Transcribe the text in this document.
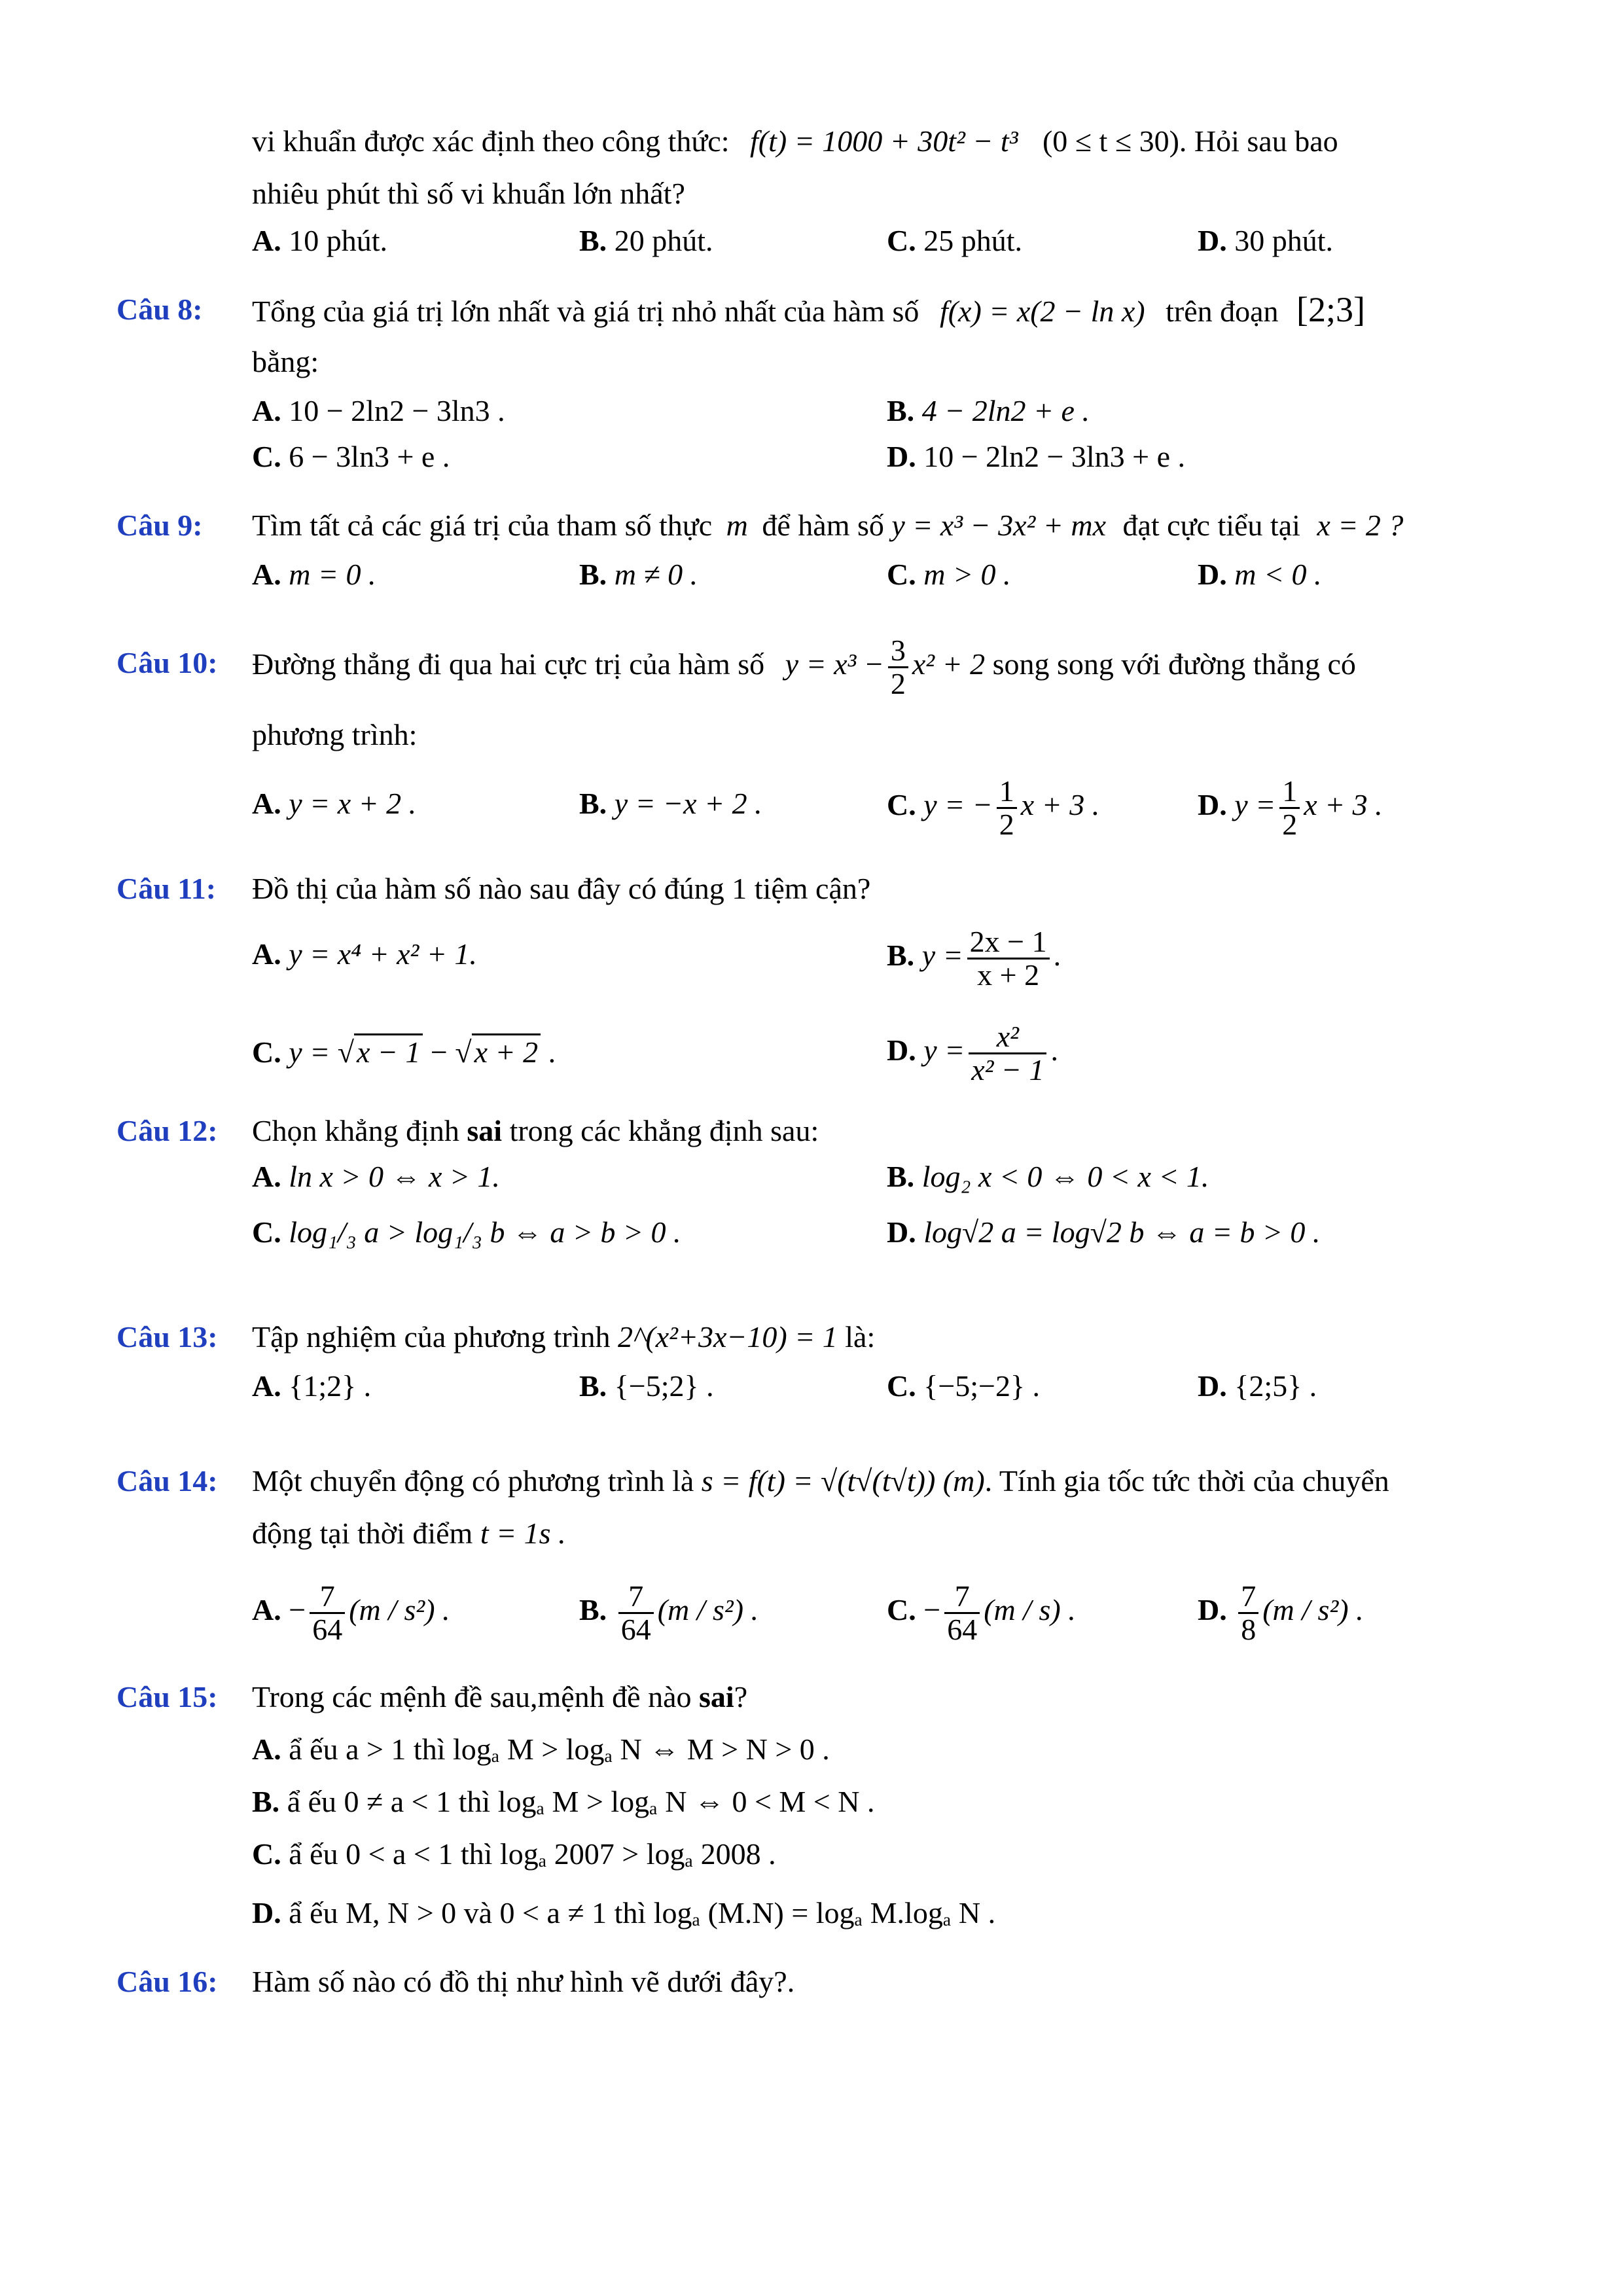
vi khuẩn được xác định theo công thức: f(t) = 1000 + 30t² − t³ (0 ≤ t ≤ 30). Hỏi sau bao
nhiêu phút thì số vi khuẩn lớn nhất?
A. 10 phút.	B. 20 phút.	C. 25 phút.	D. 30 phút.
Câu 8: Tổng của giá trị lớn nhất và giá trị nhỏ nhất của hàm số f(x) = x(2 − ln x) trên đoạn [2;3]
bằng:
A. 10 − 2ln2 − 3ln3 .	B. 4 − 2ln2 + e .
C. 6 − 3ln3 + e .	D. 10 − 2ln2 − 3ln3 + e .
Câu 9: Tìm tất cả các giá trị của tham số thực m để hàm số y = x³ − 3x² + mx đạt cực tiểu tại x = 2 ?
A. m = 0 .	B. m ≠ 0 .	C. m > 0 .	D. m < 0 .
Câu 10: Đường thẳng đi qua hai cực trị của hàm số $y = x^3 - \frac{3}{2} x^2 + 2$ song song với đường thẳng có
phương trình:
A. y = x + 2 .	B. y = −x + 2 .	C. y = − $\frac{1}{2}$ x + 3 .	D. $y = \frac{1}{2}$ x + 3 .
Câu 11: Đồ thị của hàm số nào sau đây có đúng 1 tiệm cận?
A. y = x⁴ + x² + 1.	B. $y = \frac{2x - 1}{x + 2}$ .
C. y = √x − 1 − √x + 2 .	D. $y = \frac{\text{x²}}{\text{x² − 1}}$ .
Câu 12: Chọn khẳng định sai trong các khẳng định sau:
A. ln x > 0 ⇔ x > 1.	B. log₂ x < 0 ⇔ 0 < x < 1.
C. log₁/₃ a > log₁/₃ b ⇔ a > b > 0 .	D. log√2 a = log√2 b ⇔ a = b > 0 .
Câu 13: Tập nghiệm của phương trình 2^(x²+3x−10) = 1 là:
A. {1;2} .	B. {−5;2} .	C. {−5;−2} .	D. {2;5} .
Câu 14: Một chuyển động có phương trình là s = f(t) = √(t√(t√t)) (m). Tính gia tốc tức thời của chuyển
động tại thời điểm t = 1s .
A. − $\frac{7}{64} (m / s^2)$ .	B. $\frac{7}{64} (m / s^2)$ .	C. − $\frac{7}{64} (m / s)$ .	D. $\frac{7}{8} (m / s^2)$ .
Câu 15: Trong các mệnh đề sau,mệnh đề nào sai?
A. ẩ ếu a > 1 thì logₐ M > logₐ N ⇔ M > N > 0 .
B. ẩ ếu 0 ≠ a < 1 thì logₐ M > logₐ N ⇔ 0 < M < N .
C. ẩ ếu 0 < a < 1 thì logₐ 2007 > logₐ 2008 .
D. ẩ ếu M, N > 0 và 0 < a ≠ 1 thì logₐ (M.N) = logₐ M.logₐ N .
Câu 16: Hàm số nào có đồ thị như hình vẽ dưới đây?.
